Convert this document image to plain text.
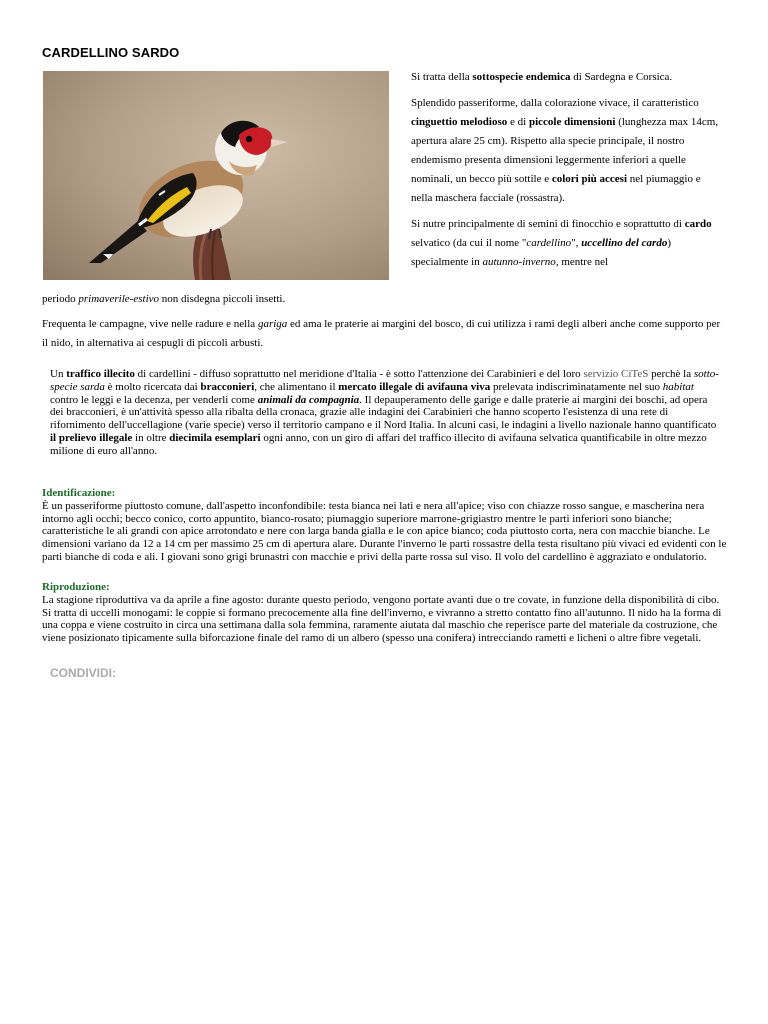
CARDELLINO SARDO

Si tratta della sottospecie endemica di Sardegna e Corsica.

Splendido passeriforme, dalla colorazione vivace, il caratteristico cinguettio melodioso e di piccole dimensioni (lunghezza max 14cm, apertura alare 25 cm). Rispetto alla specie principale, il nostro endemismo presenta dimensioni leggermente inferiori a quelle nominali, un becco più sottile e colori più accesi nel piumaggio e nella maschera facciale (rossastra).

Si nutre principalmente di semini di finocchio e soprattutto di cardo selvatico (da cui il nome "cardellino", uccellino del cardo) specialmente in autunno-inverno, mentre nel

periodo primaverile-estivo non disdegna piccoli insetti.

Frequenta le campagne, vive nelle radure e nella gariga ed ama le praterie ai margini del bosco, di cui utilizza i rami degli alberi anche come supporto per il nido, in alternativa ai cespugli di piccoli arbusti.

Un traffico illecito di cardellini - diffuso soprattutto nel meridione d'Italia - è sotto l'attenzione dei Carabinieri e del loro servizio CiTeS perchè la sotto-specie sarda è molto ricercata dai bracconieri, che alimentano il mercato illegale di avifauna viva prelevata indiscriminatamente nel suo habitat contro le leggi e la decenza, per venderli come animali da compagnia. Il depauperamento delle garige e dalle praterie ai margini dei boschi, ad opera dei bracconieri, è un'attività spesso alla ribalta della cronaca, grazie alle indagini dei Carabinieri che hanno scoperto l'esistenza di una rete di rifornimento dell'uccellagione (varie specie) verso il territorio campano e il Nord Italia. In alcuni casi, le indagini a livello nazionale hanno quantificato il prelievo illegale in oltre diecimila esemplari ogni anno, con un giro di affari del traffico illecito di avifauna selvatica quantificabile in oltre mezzo milione di euro all'anno.

Identificazione:

È un passeriforme piuttosto comune, dall'aspetto inconfondibile: testa bianca nei lati e nera all'apice; viso con chiazze rosso sangue, e mascherina nera intorno agli occhi; becco conico, corto appuntito, bianco-rosato; piumaggio superiore marrone-grigiastro mentre le parti inferiori sono bianche; caratteristiche le ali grandi con apice arrotondato e nere con larga banda gialla e le con apice bianco; coda piuttosto corta, nera con macchie bianche. Le dimensioni variano da 12 a 14 cm per massimo 25 cm di apertura alare. Durante l'inverno le parti rossastre della testa risultano più vivaci ed evidenti con le parti bianche di coda e ali. I giovani sono grigi brunastri con macchie e privi della parte rossa sul viso. Il volo del cardellino è aggraziato e ondulatorio.

Riproduzione:

La stagione riproduttiva va da aprile a fine agosto: durante questo periodo, vengono portate avanti due o tre covate, in funzione della disponibilità di cibo. Si tratta di uccelli monogami: le coppie si formano precocemente alla fine dell'inverno, e vivranno a stretto contatto fino all'autunno. Il nido ha la forma di una coppa e viene costruito in circa una settimana dalla sola femmina, raramente aiutata dal maschio che reperisce parte del materiale da costruzione, che viene posizionato tipicamente sulla biforcazione finale del ramo di un albero (spesso una conifera) intrecciando rametti e licheni o altre fibre vegetali.

CONDIVIDI:
